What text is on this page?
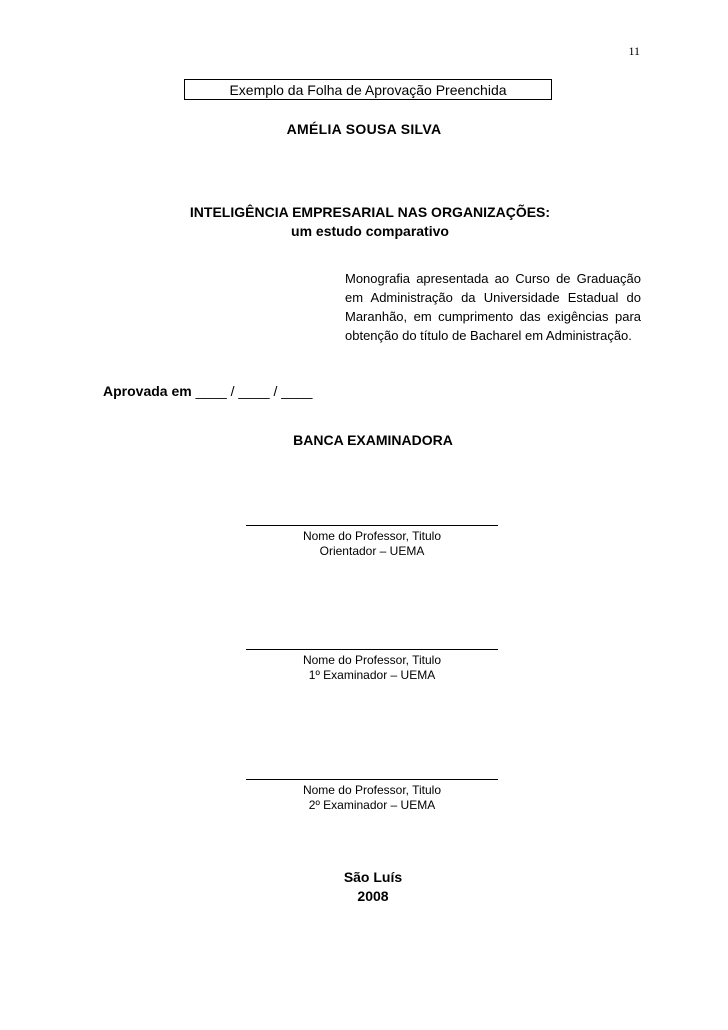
11
Exemplo da Folha de Aprovação Preenchida
AMÉLIA SOUSA SILVA
INTELIGÊNCIA EMPRESARIAL NAS ORGANIZAÇÕES:
um estudo comparativo
Monografia apresentada ao Curso de Graduação em Administração da Universidade Estadual do Maranhão, em cumprimento das exigências para obtenção do título de Bacharel em Administração.
Aprovada em ____ / ____ / ____
BANCA EXAMINADORA
Nome do Professor, Titulo
Orientador – UEMA
Nome do Professor, Titulo
1º Examinador – UEMA
Nome do Professor, Titulo
2º Examinador – UEMA
São Luís
2008
